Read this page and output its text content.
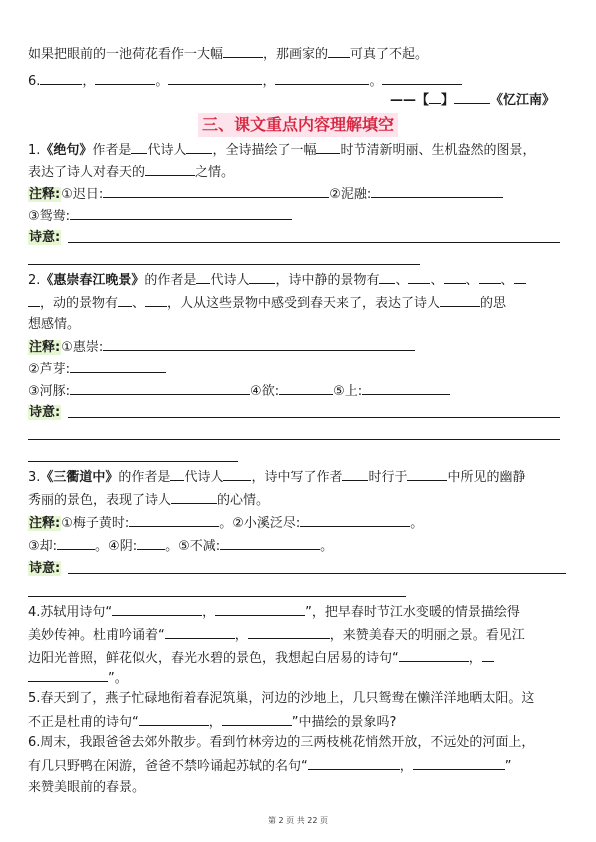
如果把眼前的一池荷花看作一大幅	，那画家的 可真了不起。
6.	，	。	，	。
——【 】	《忆江南》
三、课文重点内容理解填空
1.《绝句》作者是 代诗人 ，全诗描绘了一幅 时节清新明丽、生机盎然的图景，
表达了诗人对春天的	之情。
注释:①迟日:	②泥融:
③鸳鸯:
诗意:
2.《惠崇春江晚景》的作者是 代诗人 ，诗中静的景物有 、 、 、 、
，动的景物有 、 ，人从这些景物中感受到春天来了，表达了诗人	的思
想感情。
注释:①惠崇:
②芦芽:
③河豚:	④欲:	⑤上:
诗意:
3.《三衢道中》的作者是 代诗人 ，诗中写了作者 时行于	中所见的幽静
秀丽的景色，表现了诗人	的心情。
注释:①梅子黄时:	。②小溪泛尽:	。
③却:	。④阴: 。⑤不减:	。
诗意:
4.苏轼用诗句“	，	”，把早春时节江水变暖的情景描绘得
美妙传神。杜甫吟诵着“	，	，来赞美春天的明丽之景。看见江
边阳光普照，鲜花似火，春光水碧的景色，我想起白居易的诗句“	，
”。
5.春天到了，燕子忙碌地衔着春泥筑巢，河边的沙地上，几只鸳鸯在懒洋洋地晒太阳。这
不正是杜甫的诗句“	，	”中描绘的景象吗?
6.周末，我跟爸爸去郊外散步。看到竹林旁边的三两枝桃花悄然开放，不远处的河面上，
有几只野鸭在闲游，爸爸不禁吟诵起苏轼的名句“	，	”
来赞美眼前的春景。
第 2 页 共 22 页
